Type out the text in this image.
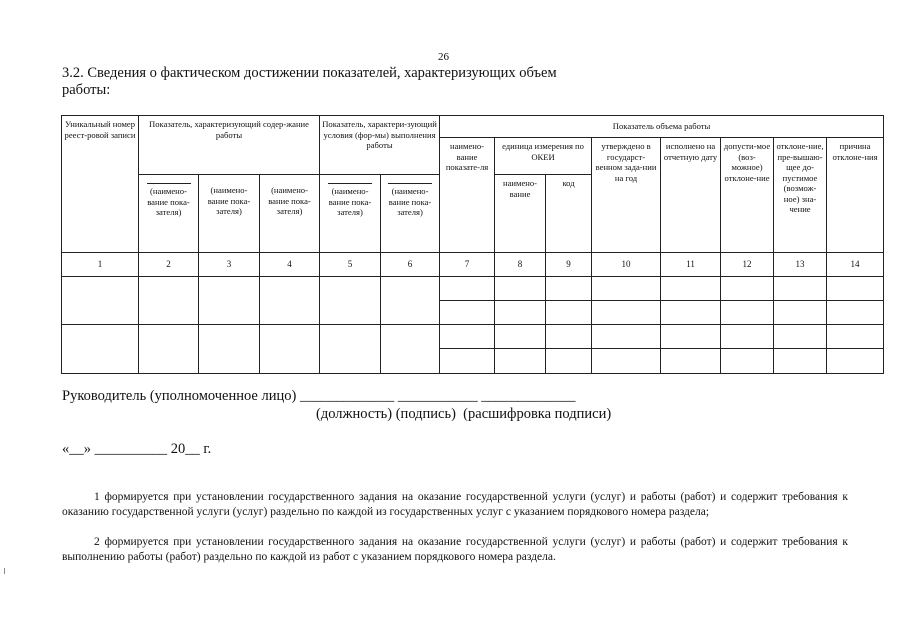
26
3.2. Сведения о фактическом достижении показателей, характеризующих объем работы:
Уникальный номер реест-ровой записи	Показатель, характеризующий содер-жание работы			Показатель, характери-зующий условия (фор-мы) выполнения работы		Показатель объема работы							
						наимено-вание показате-ля	единица измерения по ОКЕИ		утверждено в государст-венном зада-нии на год	исполнено на отчетную дату	допусти-мое (воз-можное) отклоне-ние	отклоне-ние, пре-вышаю-щее до-пустимое (возмож-ное) зна-чение	причина отклоне-ния

(наимено-вание пока-зателя)	(наимено-вание пока-зателя)	(наимено-вание пока-зателя)	(наимено-вание пока-зателя)	(наимено-вание пока-зателя)		наимено-вание	код					
1	2	3	4	5	6	7	8	9	10	11	12	13	14

Руководитель (уполномоченное лицо) _____________ ___________ _____________
(должность) (подпись)  (расшифровка подписи)
«__» __________ 20__ г.
1 формируется при установлении государственного задания на оказание государственной услуги (услуг) и работы (работ) и содержит требования к оказанию государственной услуги (услуг) раздельно по каждой из государственных услуг с указанием порядкового номера раздела;
2 формируется при установлении государственного задания на оказание государственной услуги (услуг) и работы (работ) и содержит требования к выполнению работы (работ) раздельно по каждой из работ с указанием порядкового номера раздела.
